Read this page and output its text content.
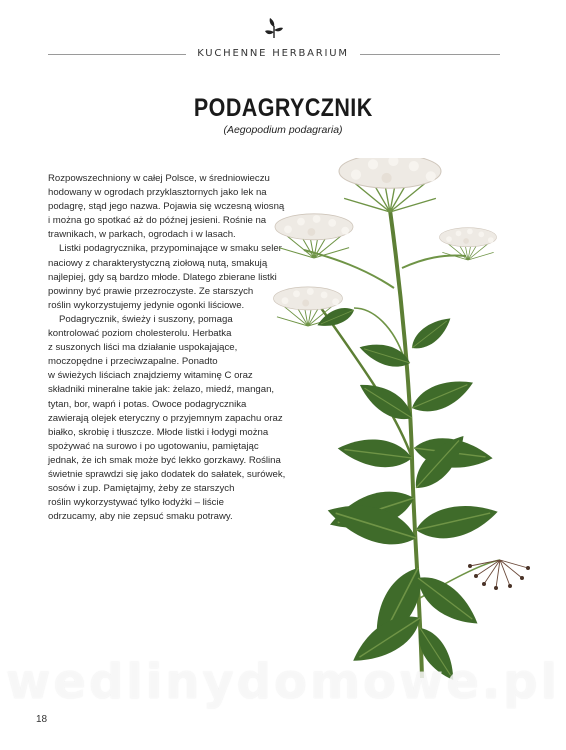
KUCHENNE HERBARIUM
PODAGRYCZNIK
(Aegopodium podagraria)
Rozpowszechniony w całej Polsce, w średniowieczu
hodowany w ogrodach przyklasztornych jako lek na
podagrę, stąd jego nazwa. Pojawia się wczesną wiosną
i można go spotkać aż do późnej jesieni. Rośnie na
trawnikach, w parkach, ogrodach i w lasach.
Listki podagrycznika, przypominające w smaku seler
naciowy z charakterystyczną ziołową nutą, smakują
najlepiej, gdy są bardzo młode. Dlatego zbierane listki
powinny być prawie przezroczyste. Ze starszych
roślin wykorzystujemy jedynie ogonki liściowe.
Podagrycznik, świeży i suszony, pomaga
kontrolować poziom cholesterolu. Herbatka
z suszonych liści ma działanie uspokajające,
moczopędne i przeciwzapalne. Ponadto
w świeżych liściach znajdziemy witaminę C oraz
składniki mineralne takie jak: żelazo, miedź, mangan,
tytan, bor, wapń i potas. Owoce podagrycznika
zawierają olejek eteryczny o przyjemnym zapachu oraz
białko, skrobię i tłuszcze. Młode listki i łodygi można
spożywać na surowo i po ugotowaniu, pamiętając
jednak, że ich smak może być lekko gorzkawy. Roślina
świetnie sprawdzi się jako dodatek do sałatek, surówek,
sosów i zup. Pamiętajmy, żeby ze starszych
roślin wykorzystywać tylko łodyżki – liście
odrzucamy, aby nie zepsuć smaku potrawy.
wedlinydomowe.pl
18
